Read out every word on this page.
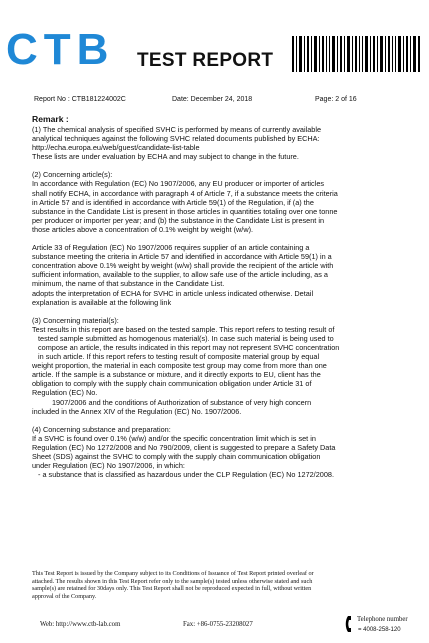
CTB TEST REPORT
Report No : CTB181224002C	Date: December 24, 2018	Page: 2 of 16

Remark :

(1) The chemical analysis of specified SVHC is performed by means of currently available

analytical techniques against the following SVHC related documents published by ECHA:

http://echa.europa.eu/web/guest/candidate-list-table

These lists are under evaluation by ECHA and may subject to change in the future.

(2) Concerning article(s):

In accordance with Regulation (EC) No 1907/2006, any EU producer or importer of articles

shall notify ECHA, in accordance with paragraph 4 of Article 7, if a substance meets the criteria

in Article 57 and is identified in accordance with Article 59(1) of the Regulation, if (a) the

substance in the Candidate List is present in those articles in quantities totaling over one tonne

per producer or importer per year; and (b) the substance in the Candidate List is present in

those articles above a concentration of 0.1% weight by weight (w/w).

Article 33 of Regulation (EC) No 1907/2006 requires supplier of an article containing a

substance meeting the criteria in Article 57 and identified in accordance with Article 59(1) in a

concentration above 0.1% weight by weight (w/w) shall provide the recipient of the article with

sufficient information, available to the supplier, to allow safe use of the article including, as a

minimum, the name of that substance in the Candidate List.

adopts the interpretation of ECHA for SVHC in article unless indicated otherwise. Detail

explanation is available at the following link

(3) Concerning material(s):

Test results in this report are based on the tested sample. This report refers to testing result of

tested sample submitted as homogenous material(s). In case such material is being used to

compose an article, the results indicated in this report may not represent SVHC concentration

in such article. If this report refers to testing result of composite material group by equal

weight proportion, the material in each composite test group may come from more than one

article. If the sample is a substance or mixture, and it directly exports to EU, client has the

obligation to comply with the supply chain communication obligation under Article 31 of

Regulation (EC) No.

1907/2006 and the conditions of Authorization of substance of very high concern

included in the Annex XIV of the Regulation (EC) No. 1907/2006.

(4) Concerning substance and preparation:

If a SVHC is found over 0.1% (w/w) and/or the specific concentration limit which is set in

Regulation (EC) No 1272/2008 and No 790/2009, client is suggested to prepare a Safety Data

Sheet (SDS) against the SVHC to comply with the supply chain communication obligation

under Regulation (EC) No 1907/2006, in which:

- a substance that is classified as hazardous under the CLP Regulation (EC) No 1272/2008.

This Test Report is issued by the Company subject to its Conditions of Issuance of Test Report printed overleaf or
attached. The results shown in this Test Report refer only to the sample(s) tested unless otherwise stated and such
sample(s) are retained for 30days only. This Test Report shall not be reproduced expected in full, without written
approval of the Company.
Web: http://www.ctb-lab.com	Fax: +86-0755-23208027
Telephone number
= 4008-258-120
